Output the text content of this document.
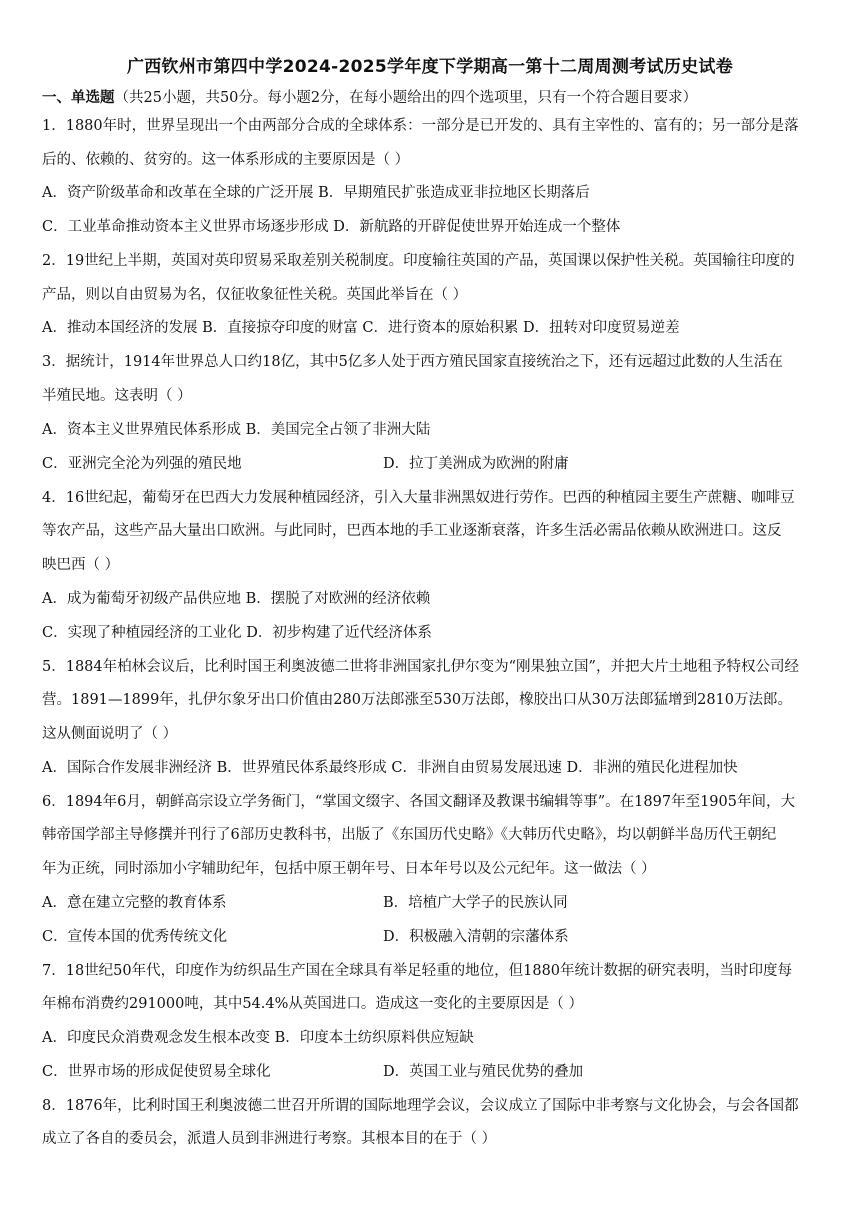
广西钦州市第四中学2024-2025学年度下学期高一第十二周周测考试历史试卷
一、单选题（共25小题，共50分。每小题2分，在每小题给出的四个选项里，只有一个符合题目要求）
1．1880年时，世界呈现出一个由两部分合成的全球体系：一部分是已开发的、具有主宰性的、富有的；另一部分是落
后的、依赖的、贫穷的。这一体系形成的主要原因是（ ）
A．资产阶级革命和改革在全球的广泛开展 B．早期殖民扩张造成亚非拉地区长期落后
C．工业革命推动资本主义世界市场逐步形成 D．新航路的开辟促使世界开始连成一个整体
2．19世纪上半期，英国对英印贸易采取差别关税制度。印度输往英国的产品，英国课以保护性关税。英国输往印度的
产品，则以自由贸易为名，仅征收象征性关税。英国此举旨在（ ）
A．推动本国经济的发展 B．直接掠夺印度的财富 C．进行资本的原始积累 D．扭转对印度贸易逆差
3．据统计，1914年世界总人口约18亿，其中5亿多人处于西方殖民国家直接统治之下，还有远超过此数的人生活在
半殖民地。这表明（ ）
A．资本主义世界殖民体系形成 B．美国完全占领了非洲大陆
C．亚洲完全沦为列强的殖民地	D．拉丁美洲成为欧洲的附庸
4．16世纪起，葡萄牙在巴西大力发展种植园经济，引入大量非洲黑奴进行劳作。巴西的种植园主要生产蔗糖、咖啡豆
等农产品，这些产品大量出口欧洲。与此同时，巴西本地的手工业逐渐衰落，许多生活必需品依赖从欧洲进口。这反
映巴西（ ）
A．成为葡萄牙初级产品供应地 B．摆脱了对欧洲的经济依赖
C．实现了种植园经济的工业化 D．初步构建了近代经济体系
5．1884年柏林会议后，比利时国王利奥波德二世将非洲国家扎伊尔变为“刚果独立国”，并把大片土地租予特权公司经
营。1891—1899年，扎伊尔象牙出口价值由280万法郎涨至530万法郎，橡胶出口从30万法郎猛增到2810万法郎。
这从侧面说明了（ ）
A．国际合作发展非洲经济 B．世界殖民体系最终形成 C．非洲自由贸易发展迅速 D．非洲的殖民化进程加快
6．1894年6月，朝鲜高宗设立学务衙门，“掌国文缀字、各国文翻译及教课书编辑等事”。在1897年至1905年间，大
韩帝国学部主导修撰并刊行了6部历史教科书，出版了《东国历代史略》《大韩历代史略》，均以朝鲜半岛历代王朝纪
年为正统，同时添加小字辅助纪年，包括中原王朝年号、日本年号以及公元纪年。这一做法（ ）
A．意在建立完整的教育体系	B．培植广大学子的民族认同
C．宣传本国的优秀传统文化	D．积极融入清朝的宗藩体系
7．18世纪50年代，印度作为纺织品生产国在全球具有举足轻重的地位，但1880年统计数据的研究表明，当时印度每
年棉布消费约291000吨，其中54.4%从英国进口。造成这一变化的主要原因是（ ）
A．印度民众消费观念发生根本改变 B．印度本土纺织原料供应短缺
C．世界市场的形成促使贸易全球化	D．英国工业与殖民优势的叠加
8．1876年，比利时国王利奥波德二世召开所谓的国际地理学会议，会议成立了国际中非考察与文化协会，与会各国都
成立了各自的委员会，派遣人员到非洲进行考察。其根本目的在于（ ）
